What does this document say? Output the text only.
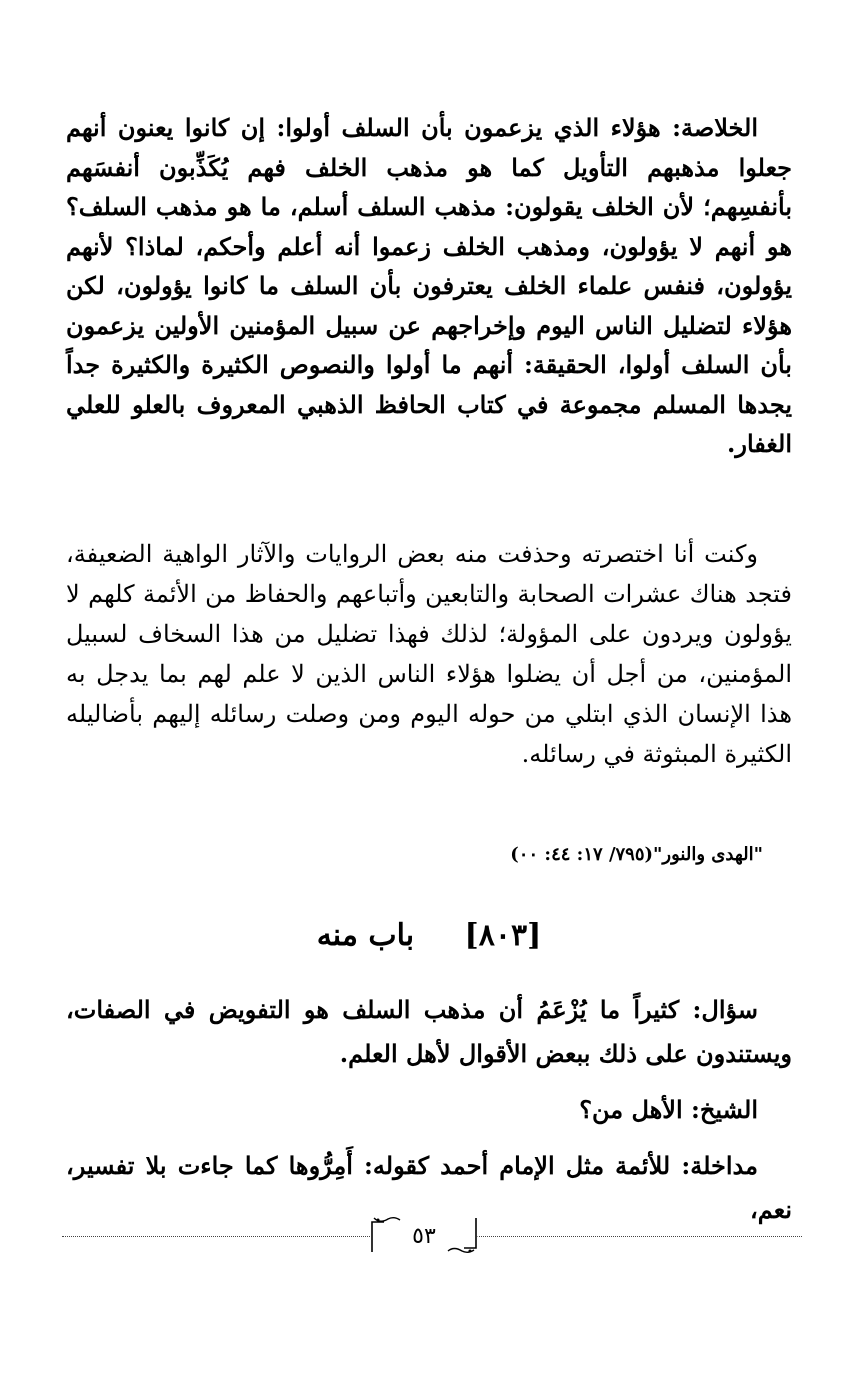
الخلاصة: هؤلاء الذي يزعمون بأن السلف أولوا: إن كانوا يعنون أنهم جعلوا مذهبهم التأويل كما هو مذهب الخلف فهم يُكَذِّبون أنفسَهم بأنفسِهم؛ لأن الخلف يقولون: مذهب السلف أسلم، ما هو مذهب السلف؟ هو أنهم لا يؤولون، ومذهب الخلف زعموا أنه أعلم وأحكم، لماذا؟ لأنهم يؤولون، فنفس علماء الخلف يعترفون بأن السلف ما كانوا يؤولون، لكن هؤلاء لتضليل الناس اليوم وإخراجهم عن سبيل المؤمنين الأولين يزعمون بأن السلف أولوا، الحقيقة: أنهم ما أولوا والنصوص الكثيرة والكثيرة جداً يجدها المسلم مجموعة في كتاب الحافظ الذهبي المعروف بالعلو للعلي الغفار.

وكنت أنا اختصرته وحذفت منه بعض الروايات والآثار الواهية الضعيفة، فتجد هناك عشرات الصحابة والتابعين وأتباعهم والحفاظ من الأئمة كلهم لا يؤولون ويردون على المؤولة؛ لذلك فهذا تضليل من هذا السخاف لسبيل المؤمنين، من أجل أن يضلوا هؤلاء الناس الذين لا علم لهم بما يدجل به هذا الإنسان الذي ابتلي من حوله اليوم ومن وصلت رسائله إليهم بأضاليله الكثيرة المبثوثة في رسائله.

"الهدى والنور"(٧٩٥/ ١٧: ٤٤: ٠٠)
[٨٠٣] باب منه

سؤال: كثيراً ما يُزْعَمُ أن مذهب السلف هو التفويض في الصفات، ويستندون على ذلك ببعض الأقوال لأهل العلم.

الشيخ: الأهل من؟

مداخلة: للأئمة مثل الإمام أحمد كقوله: أَمِرُّوها كما جاءت بلا تفسير، نعم،

٥٣
